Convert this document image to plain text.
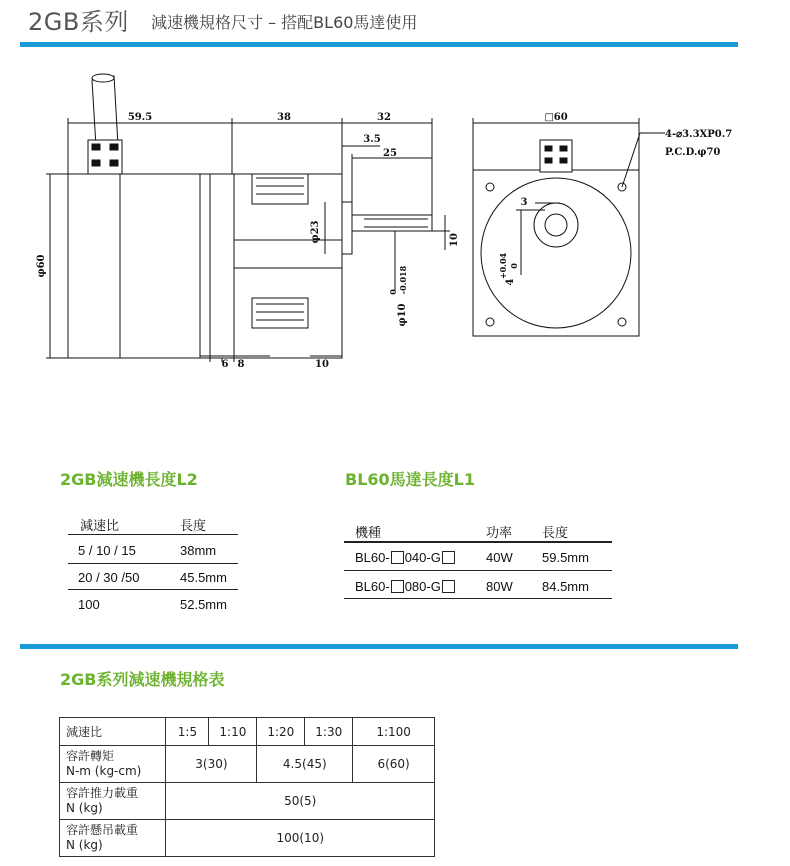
2GB系列 減速機規格尺寸 – 搭配BL60馬達使用
59.5	38	32
3.5
25
φ23
φ60
10
φ10
0 -0.018
6 8	10
□60
4-⌀3.3XP0.7
P.C.D.φ70
3
4
+0.04 0
2GB減速機長度L2
減速比	長度
5 / 10 / 15	38mm
20 / 30 /50	45.5mm
100	52.5mm
BL60馬達長度L1
機種	功率 長度
BL60- 040-G	40W 59.5mm
BL60- 080-G	80W 84.5mm
2GB系列減速機規格表
減速比	1:5	1:10	1:20	1:30	1:100

容許轉矩
N-m (kg-cm)	3(30)		4.5(45)		6(60)

容許推力載重
N (kg)	50(5)				

容許懸吊載重
N (kg)	100(10)				
